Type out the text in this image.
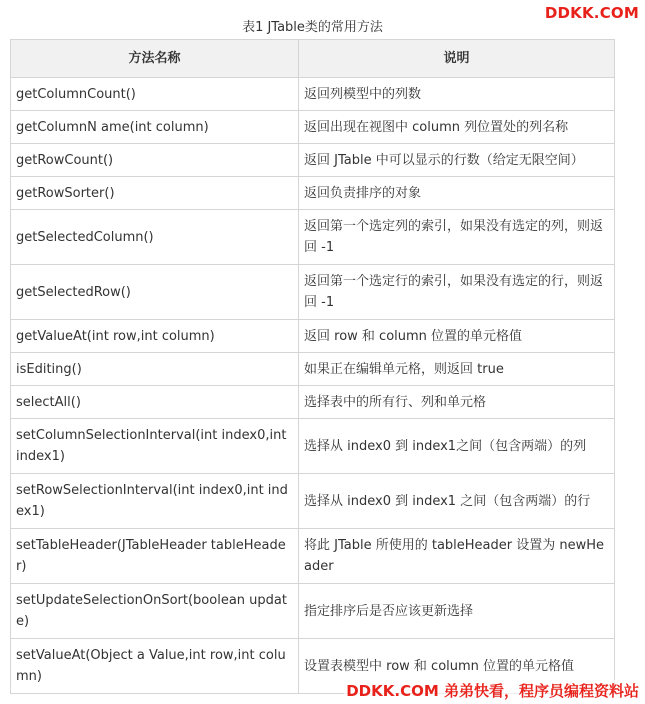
表1 JTable类的常用方法
DDKK.COM
方法名称	说明
getColumnCount()	返回列模型中的列数
getColumnN ame(int column)	返回出现在视图中 column 列位置处的列名称
getRowCount()	返回 JTable 中可以显示的行数（给定无限空间）
getRowSorter()	返回负责排序的对象
getSelectedColumn()	返回第一个选定列的索引，如果没有选定的列，则返回 -1
getSelectedRow()	返回第一个选定行的索引，如果没有选定的行，则返回 -1
getValueAt(int row,int column)	返回 row 和 column 位置的单元格值
isEditing()	如果正在编辑单元格，则返回 true
selectAll()	选择表中的所有行、列和单元格
setColumnSelectionInterval(int index0,int index1)	选择从 index0 到 index1之间（包含两端）的列
setRowSelectionInterval(int index0,int index1)	选择从 index0 到 index1 之间（包含两端）的行
setTableHeader(JTableHeader tableHeader)	将此 JTable 所使用的 tableHeader 设置为 newHeader
setUpdateSelectionOnSort(boolean update)	指定排序后是否应该更新选择
setValueAt(Object a Value,int row,int column)	设置表模型中 row 和 column 位置的单元格值
DDKK.COM 弟弟快看，程序员编程资料站
